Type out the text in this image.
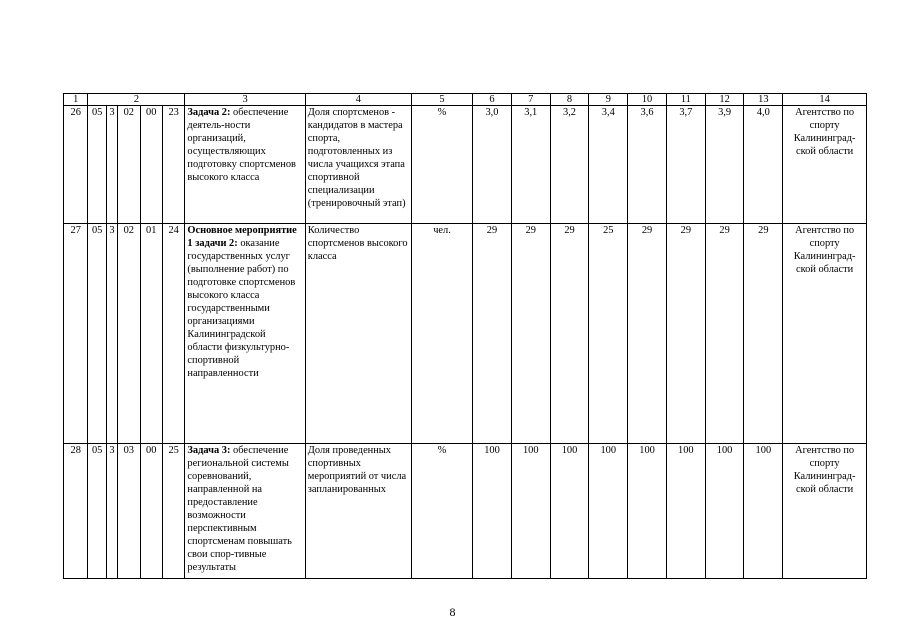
1	2					3	4	5	6	7	8	9	10	11	12	13	14
26	05	3	02	00	23	Задача 2: обеспечение деятель-ности организаций, осуществляющих подготовку спортсменов высокого класса	Доля спортсменов - кандидатов в мастера спорта, подготовленных из числа учащихся этапа спортивной специализации (тренировочный этап)	%	3,0	3,1	3,2	3,4	3,6	3,7	3,9	4,0	Агентство по спорту Калининград-ской области
27	05	3	02	01	24	Основное мероприятие 1 задачи 2: оказание государственных услуг (выполнение работ) по подготовке спортсменов высокого класса государственными организациями Калининградской области физкультурно-спортивной направленности	Количество спортсменов высокого класса	чел.	29	29	29	25	29	29	29	29	Агентство по спорту Калининград-ской области
28	05	3	03	00	25	Задача 3: обеспечение региональной системы соревнований, направленной на предоставление возможности перспективным спортсменам повышать свои спор-тивные результаты	Доля проведенных спортивных мероприятий от числа запланированных	%	100	100	100	100	100	100	100	100	Агентство по спорту Калининград-ской области
8
